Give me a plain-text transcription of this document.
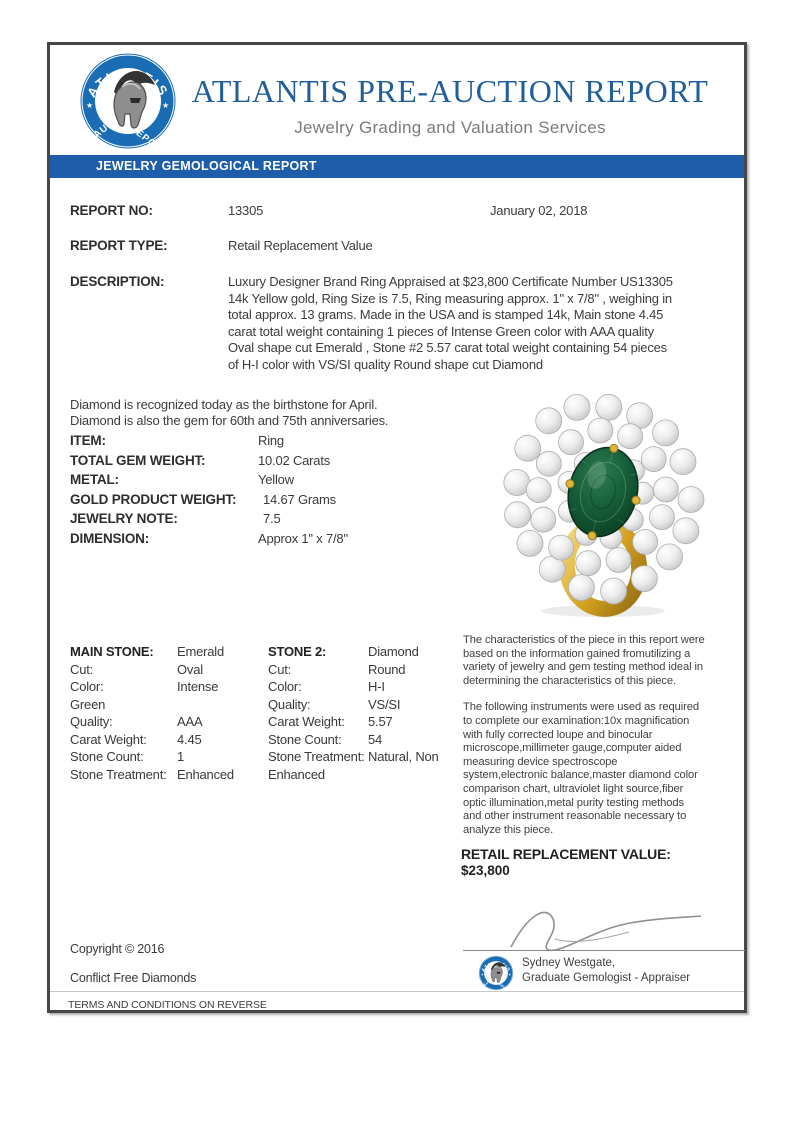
ATLANTIS PRE-AUCTION REPORT
Jewelry Grading and Valuation Services
JEWELRY GEMOLOGICAL REPORT
REPORT NO:	13305	January 02, 2018
REPORT TYPE:	Retail Replacement Value
DESCRIPTION:	Luxury Designer Brand Ring Appraised at $23,800 Certificate Number US13305 14k Yellow gold, Ring Size is 7.5, Ring measuring approx. 1" x 7/8" , weighing in total approx. 13 grams. Made in the USA and is stamped 14k, Main stone 4.45 carat total weight containing 1 pieces of Intense Green color with AAA quality Oval shape cut Emerald , Stone #2 5.57 carat total weight containing 54 pieces of H-I color with VS/SI quality Round shape cut Diamond
Diamond is recognized today as the birthstone for April.
Diamond is also the gem for 60th and 75th anniversaries.
ITEM:	Ring
TOTAL GEM WEIGHT:	10.02 Carats
METAL:	Yellow
GOLD PRODUCT WEIGHT: 14.67 Grams
JEWELRY NOTE:	7.5
DIMENSION:	Approx 1" x 7/8"
MAIN STONE: Emerald
Cut:	Oval
Color:	Intense Green
Quality:	AAA
Carat Weight: 4.45
Stone Count:	1
Stone Treatment: Enhanced
STONE 2:	Diamond
Cut:	Round
Color:	H-I
Quality:	VS/SI
Carat Weight: 5.57
Stone Count: 54
Stone Treatment: Natural, Non Enhanced

The characteristics of the piece in this report were based on the information gained fromutilizing a variety of jewelry and gem testing method ideal in determining the characteristics of this piece.

The following instruments were used as required to complete our examination:10x magnification with fully corrected loupe and binocular microscope,millimeter gauge,computer aided measuring device spectroscope system,electronic balance,master diamond color comparison chart, ultraviolet light source,fiber optic illumination,metal purity testing methods and other instrument reasonable necessary to analyze this piece.

RETAIL REPLACEMENT VALUE:
$23,800
Copyright © 2016
Conflict Free Diamonds
Sydney Westgate,
Graduate Gemologist - Appraiser
TERMS AND CONDITIONS ON REVERSE
